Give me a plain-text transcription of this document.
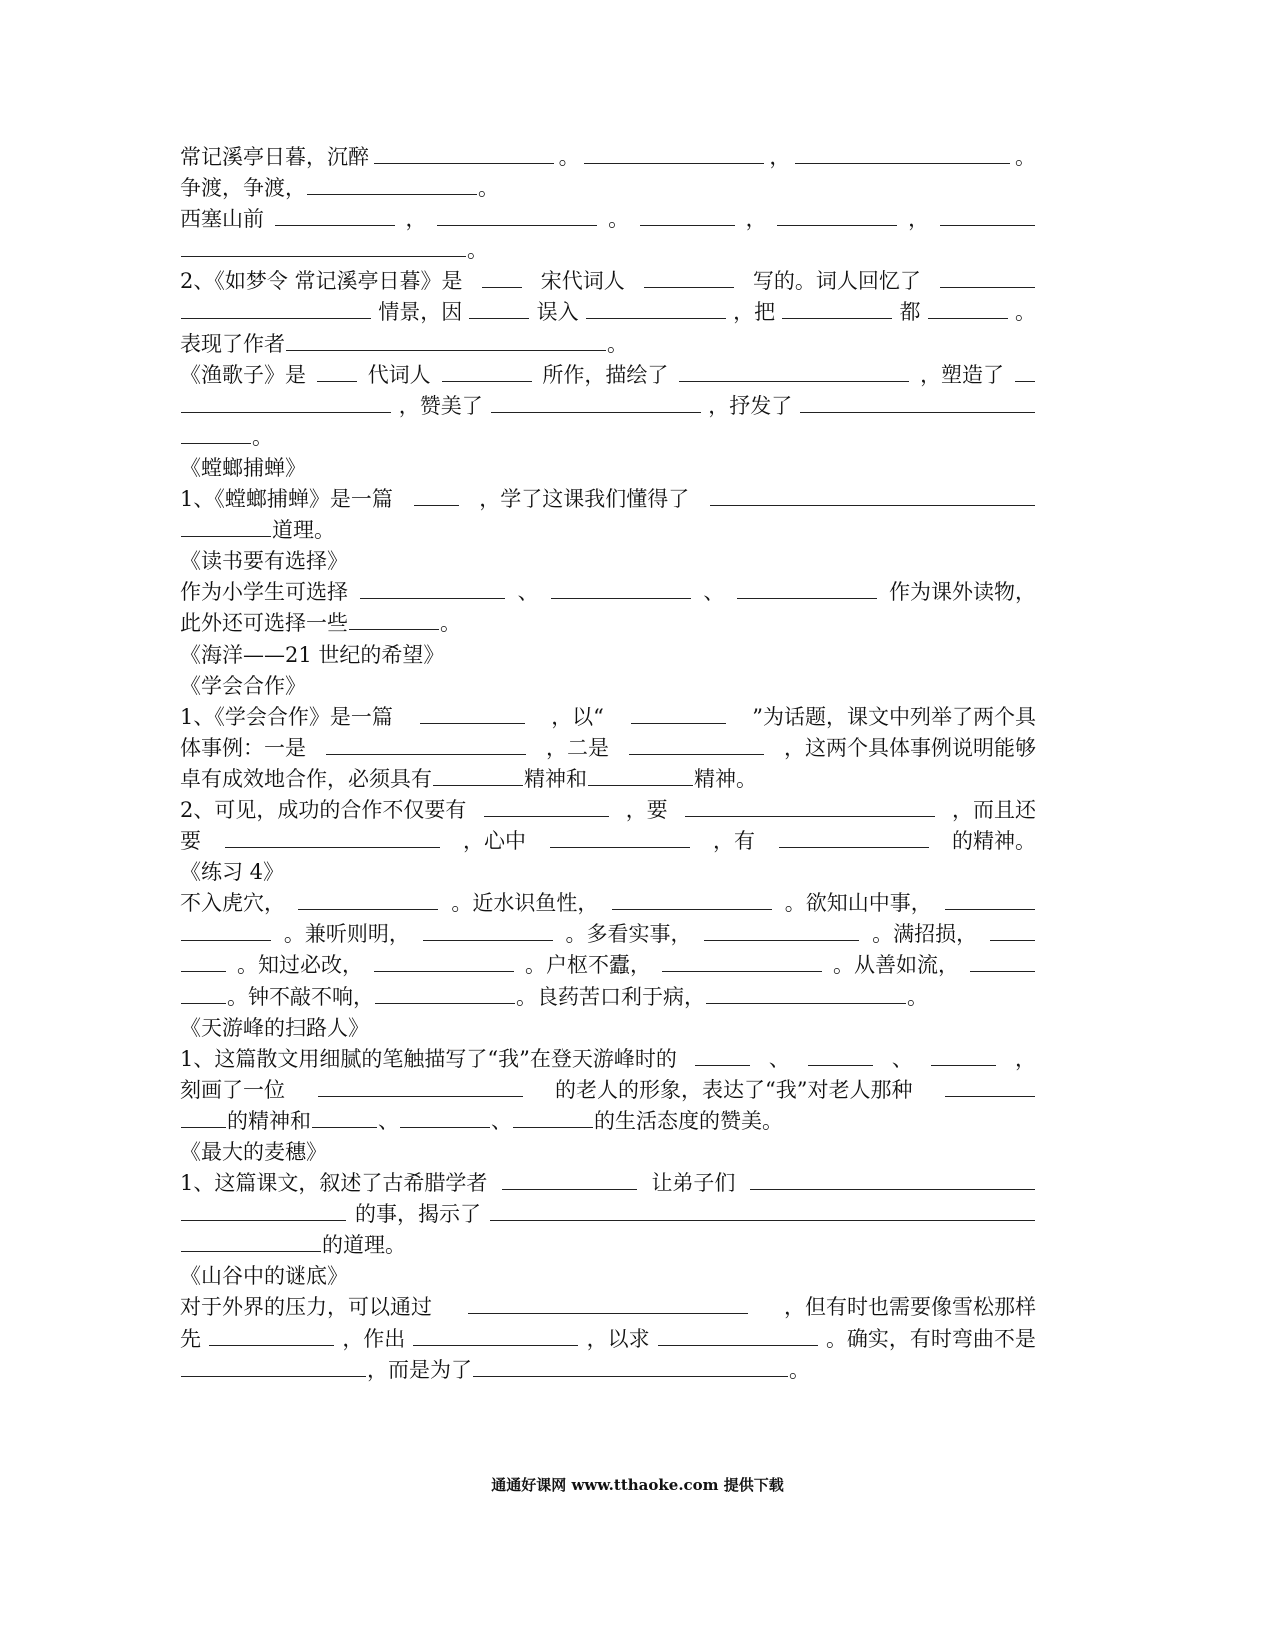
常记溪亭日暮，沉醉	。	，	。
争渡，争渡，	。
西塞山前	，	。	，	，
。
2、《如梦令 常记溪亭日暮》是	宋代词人	写的。词人回忆了
情景，因	误入	，把	都	。
表现了作者	。
《渔歌子》是	代词人	所作，描绘了	，塑造了
，赞美了	，抒发了
。
《螳螂捕蝉》
1、《螳螂捕蝉》是一篇	，学了这课我们懂得了
道理。
《读书要有选择》
作为小学生可选择	、	、	作为课外读物，
此外还可选择一些	。
《海洋——21 世纪的希望》
《学会合作》
1、《学会合作》是一篇	，以“	”为话题，课文中列举了两个具
体事例：一是	，二是	，这两个具体事例说明能够
卓有成效地合作，必须具有	精神和	精神。
2、可见，成功的合作不仅要有	，要	，而且还
要	，心中	，有	的精神。
《练习 4》
不入虎穴，	。近水识鱼性，	。欲知山中事，
。兼听则明，	。多看实事，	。满招损，
。知过必改，	。户枢不蠹，	。从善如流，
。钟不敲不响，	。良药苦口利于病，	。
《天游峰的扫路人》
1、这篇散文用细腻的笔触描写了“我”在登天游峰时的	、	、	，
刻画了一位	的老人的形象，表达了“我”对老人那种
的精神和	、	、	的生活态度的赞美。
《最大的麦穗》
1、这篇课文，叙述了古希腊学者	让弟子们
的事，揭示了
的道理。
《山谷中的谜底》
对于外界的压力，可以通过	，但有时也需要像雪松那样
先	，作出	，以求	。确实，有时弯曲不是
，而是为了	。
通通好课网 www.tthaoke.com 提供下载
